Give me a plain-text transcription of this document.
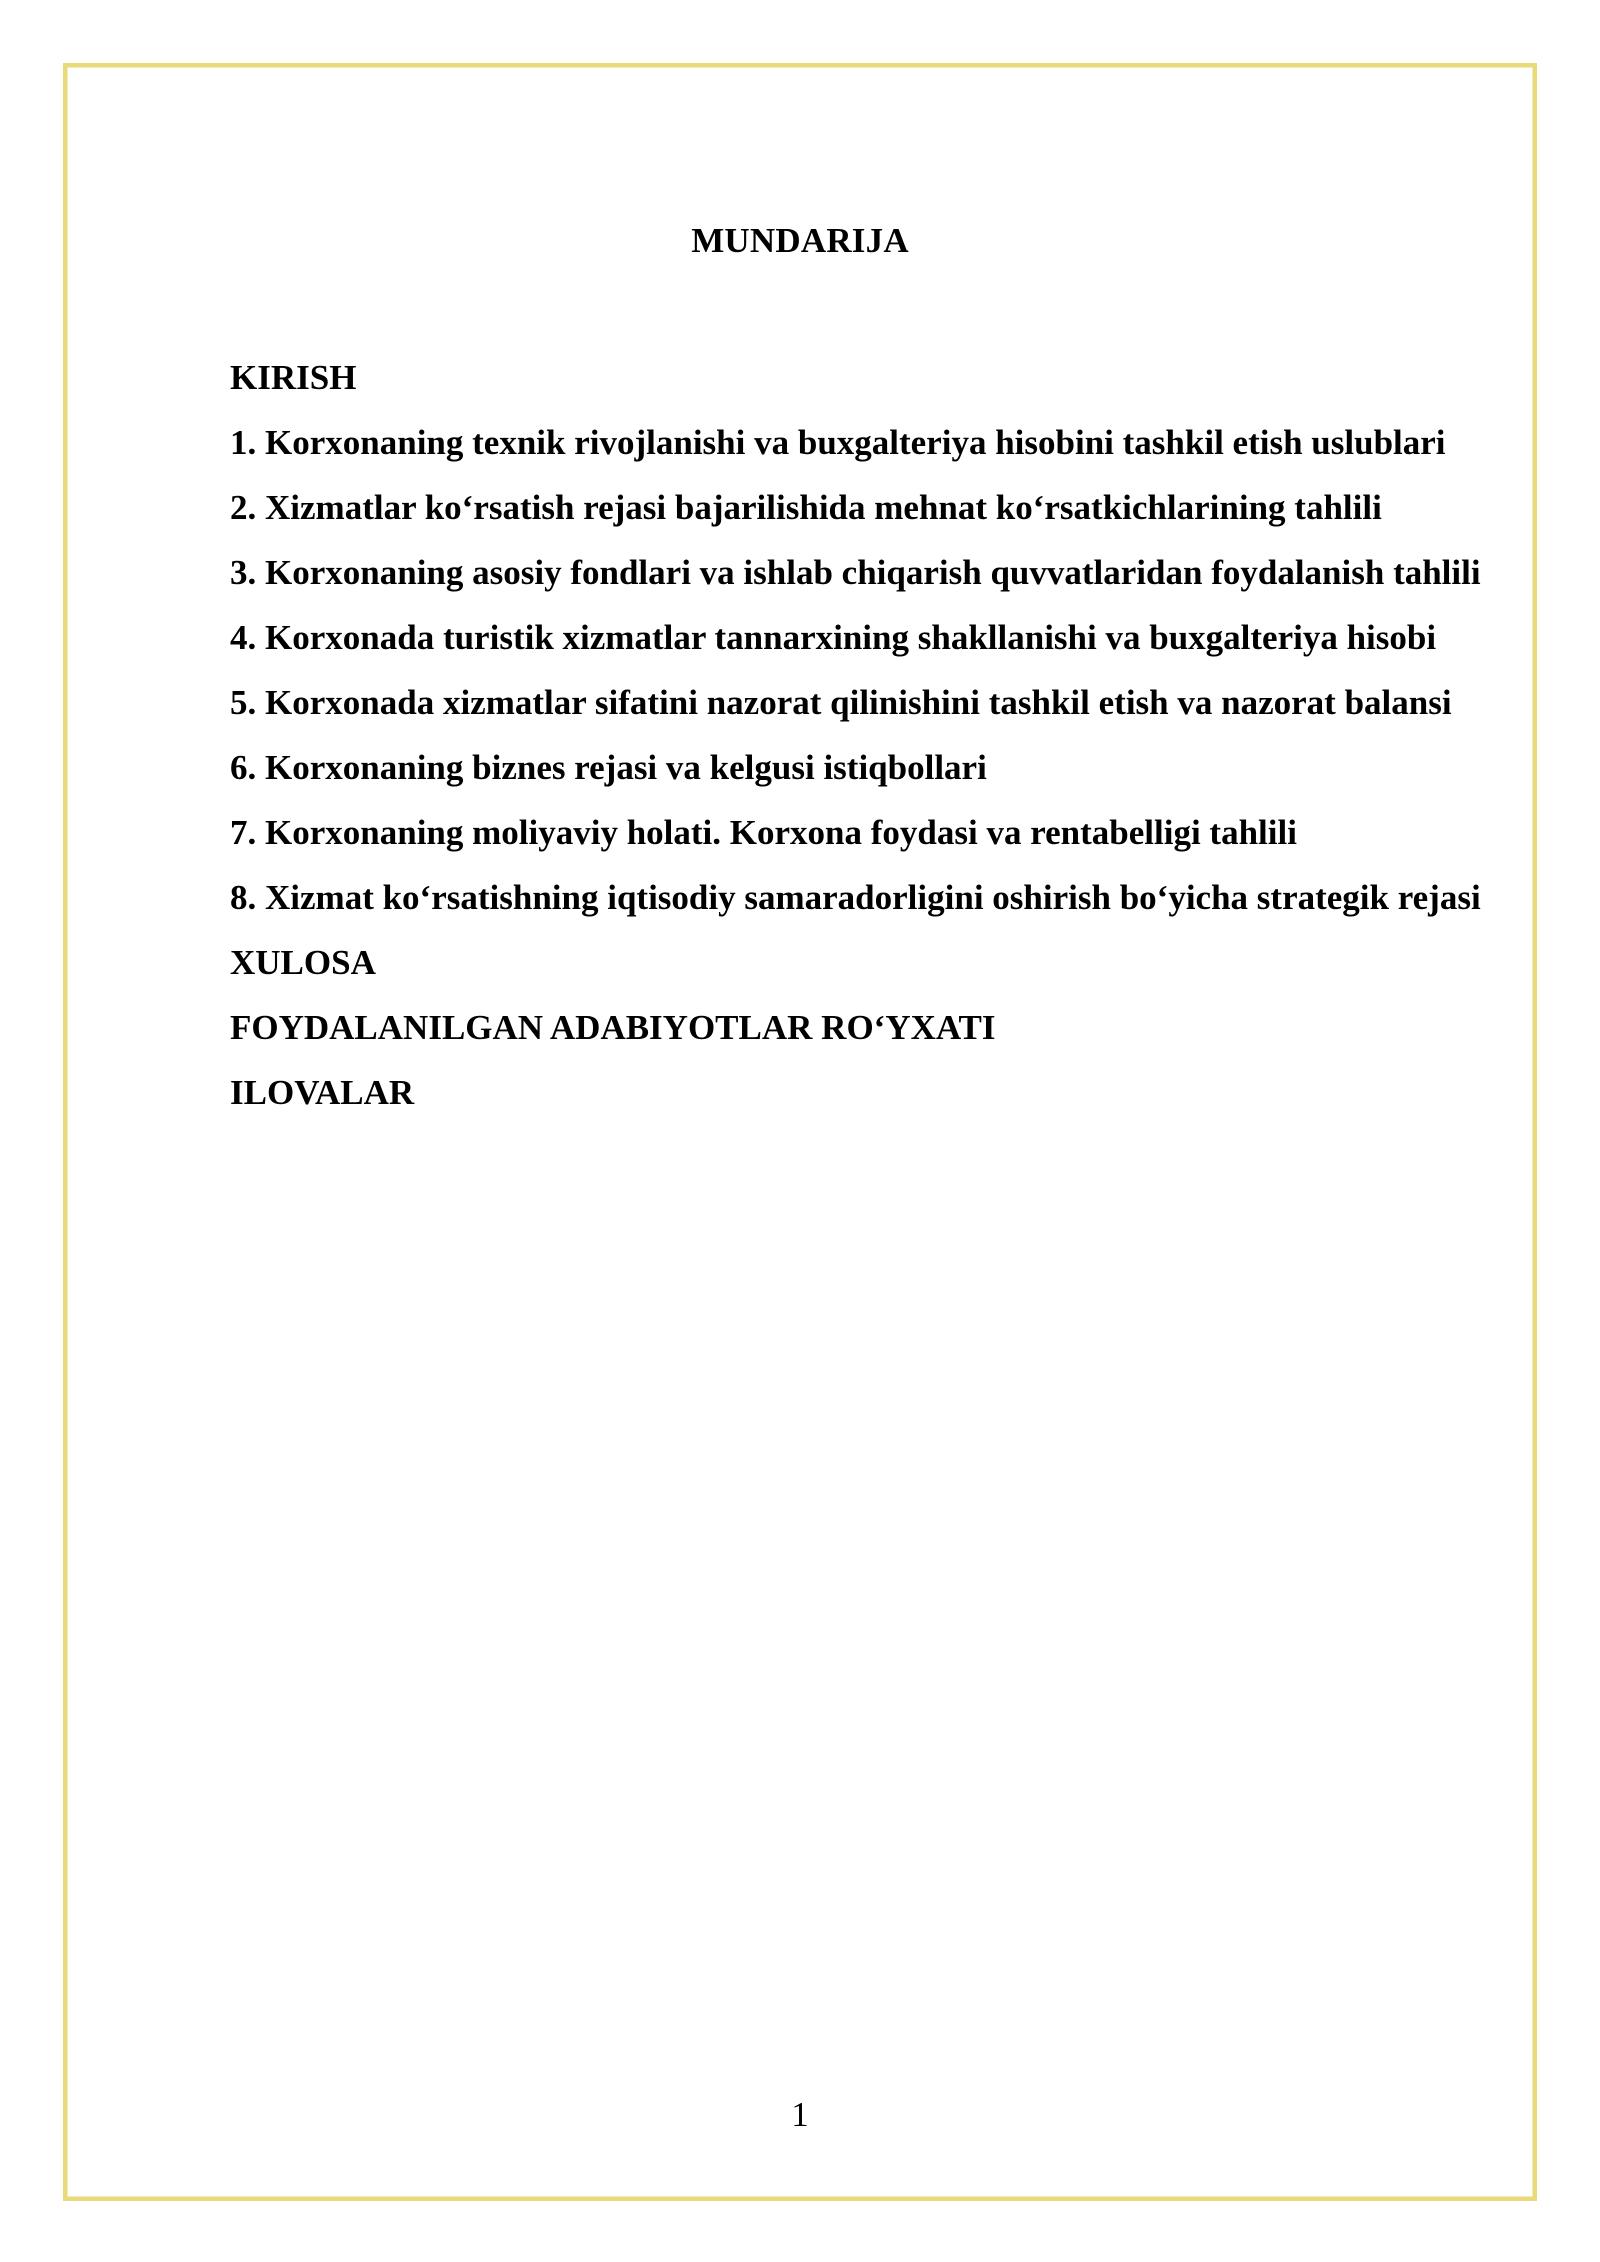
MUNDARIJA
KIRISH
1. Korxonaning texnik rivojlanishi va buxgalteriya hisobini tashkil etish uslublari
2. Xizmatlar ko‘rsatish rejasi bajarilishida mehnat ko‘rsatkichlarining tahlili
3. Korxonaning asosiy fondlari va ishlab chiqarish quvvatlaridan foydalanish tahlili
4. Korxonada turistik xizmatlar tannarxining shakllanishi va buxgalteriya hisobi
5. Korxonada xizmatlar sifatini nazorat qilinishini tashkil etish va nazorat balansi
6. Korxonaning biznes rejasi va kelgusi istiqbollari
7. Korxonaning moliyaviy holati. Korxona foydasi va rentabelligi tahlili
8. Xizmat ko‘rsatishning iqtisodiy samaradorligini oshirish bo‘yicha strategik rejasi
XULOSA
FOYDALANILGAN ADABIYOTLAR RO‘YXATI
ILOVALAR
1
